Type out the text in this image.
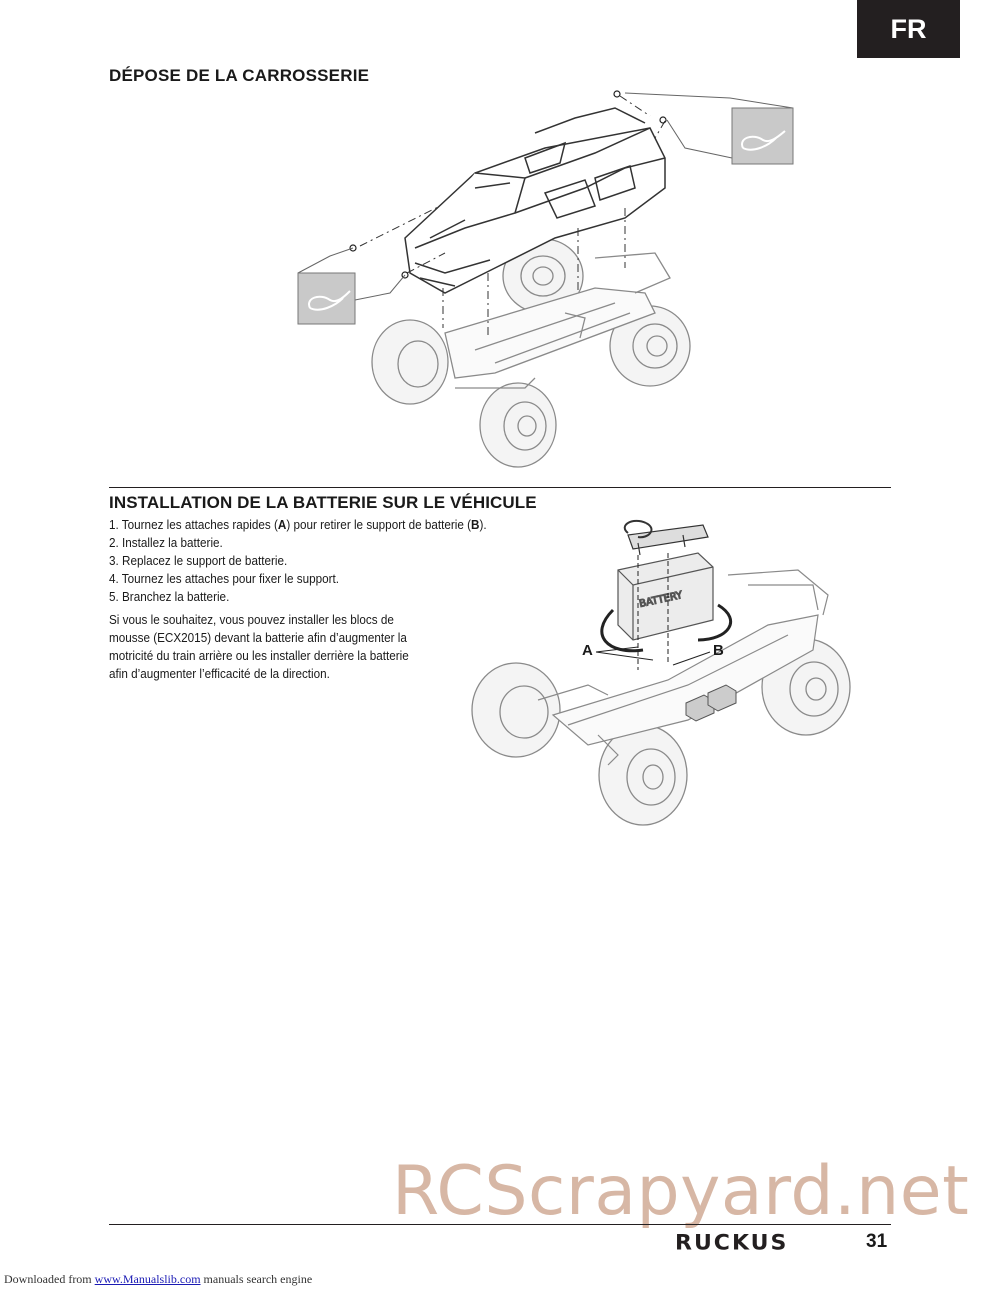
FR
DÉPOSE DE LA CARROSSERIE
INSTALLATION DE LA BATTERIE SUR LE VÉHICULE
1. Tournez les attaches rapides (A) pour retirer le support de batterie (B).
2. Installez la batterie.
3. Replacez le support de batterie.
4. Tournez les attaches pour fixer le support.
5. Branchez la batterie.
Si vous le souhaitez, vous pouvez installer les blocs de
mousse (ECX2015) devant la batterie afin d’augmenter la
motricité du train arrière ou les installer derrière la batterie
afin d’augmenter l’efficacité de la direction.
BATTERY
A	B
RCScrapyard.net
RUCKUS	31
Downloaded from www.Manualslib.com manuals search engine
